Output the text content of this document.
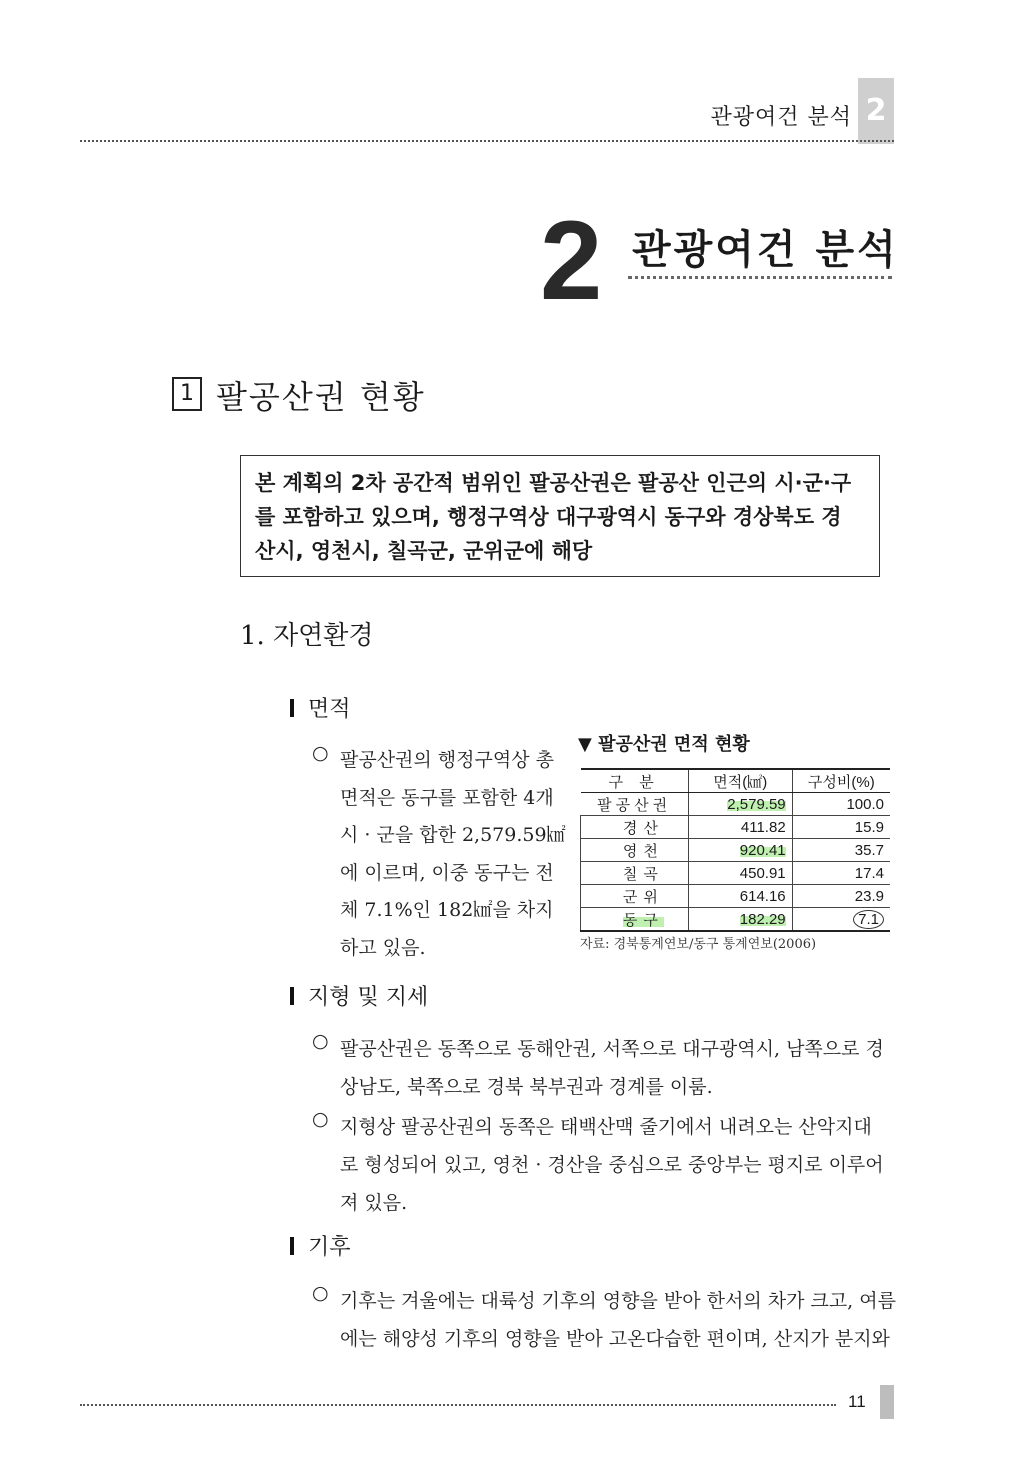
관광여건 분석 2
2 관광여건 분석
1 팔공산권 현황
본 계획의 2차 공간적 범위인 팔공산권은 팔공산 인근의 시·군·구
를 포함하고 있으며, 행정구역상 대구광역시 동구와 경상북도 경
산시, 영천시, 칠곡군, 군위군에 해당
1. 자연환경
면적
○ 팔공산권의 행정구역상 총
면적은 동구를 포함한 4개
시 · 군을 합한 2,579.59㎢
에 이르며, 이중 동구는 전
체 7.1%인 182㎢을 차지
하고 있음.
▼ 팔공산권 면적 현황
구 분	면적(㎢)	구성비(%)
팔공산권	2,579.59	100.0
경산	411.82	15.9
영천	920.41	35.7
칠곡	450.91	17.4
군위	614.16	23.9
동구	182.29	7.1
자료: 경북통계연보/동구 통계연보(2006)
지형 및 지세
○ 팔공산권은 동쪽으로 동해안권, 서쪽으로 대구광역시, 남쪽으로 경
상남도, 북쪽으로 경북 북부권과 경계를 이룸.
○ 지형상 팔공산권의 동쪽은 태백산맥 줄기에서 내려오는 산악지대
로 형성되어 있고, 영천 · 경산을 중심으로 중앙부는 평지로 이루어
져 있음.
기후
○ 기후는 겨울에는 대륙성 기후의 영향을 받아 한서의 차가 크고, 여름
에는 해양성 기후의 영향을 받아 고온다습한 편이며, 산지가 분지와
11
